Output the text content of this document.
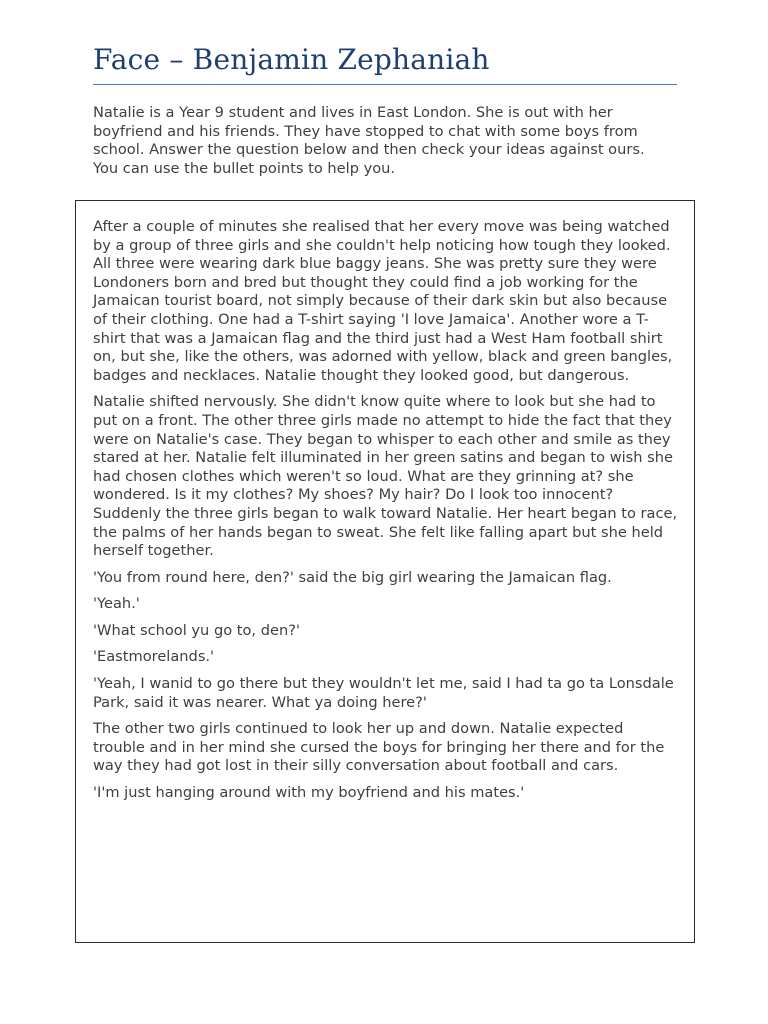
Face – Benjamin Zephaniah

Natalie is a Year 9 student and lives in East London. She is out with her boyfriend and his friends. They have stopped to chat with some boys from school. Answer the question below and then check your ideas against ours. You can use the bullet points to help you.

After a couple of minutes she realised that her every move was being watched by a group of three girls and she couldn't help noticing how tough they looked. All three were wearing dark blue baggy jeans. She was pretty sure they were Londoners born and bred but thought they could find a job working for the Jamaican tourist board, not simply because of their dark skin but also because of their clothing. One had a T-shirt saying 'I love Jamaica'. Another wore a T-shirt that was a Jamaican flag and the third just had a West Ham football shirt on, but she, like the others, was adorned with yellow, black and green bangles, badges and necklaces. Natalie thought they looked good, but dangerous.

Natalie shifted nervously. She didn't know quite where to look but she had to put on a front. The other three girls made no attempt to hide the fact that they were on Natalie's case. They began to whisper to each other and smile as they stared at her. Natalie felt illuminated in her green satins and began to wish she had chosen clothes which weren't so loud. What are they grinning at? she wondered. Is it my clothes? My shoes? My hair? Do I look too innocent? Suddenly the three girls began to walk toward Natalie. Her heart began to race, the palms of her hands began to sweat. She felt like falling apart but she held herself together.

'You from round here, den?' said the big girl wearing the Jamaican flag.

'Yeah.'

'What school yu go to, den?'

'Eastmorelands.'

'Yeah, I wanid to go there but they wouldn't let me, said I had ta go ta Lonsdale Park, said it was nearer. What ya doing here?'

The other two girls continued to look her up and down. Natalie expected trouble and in her mind she cursed the boys for bringing her there and for the way they had got lost in their silly conversation about football and cars.

'I'm just hanging around with my boyfriend and his mates.'
